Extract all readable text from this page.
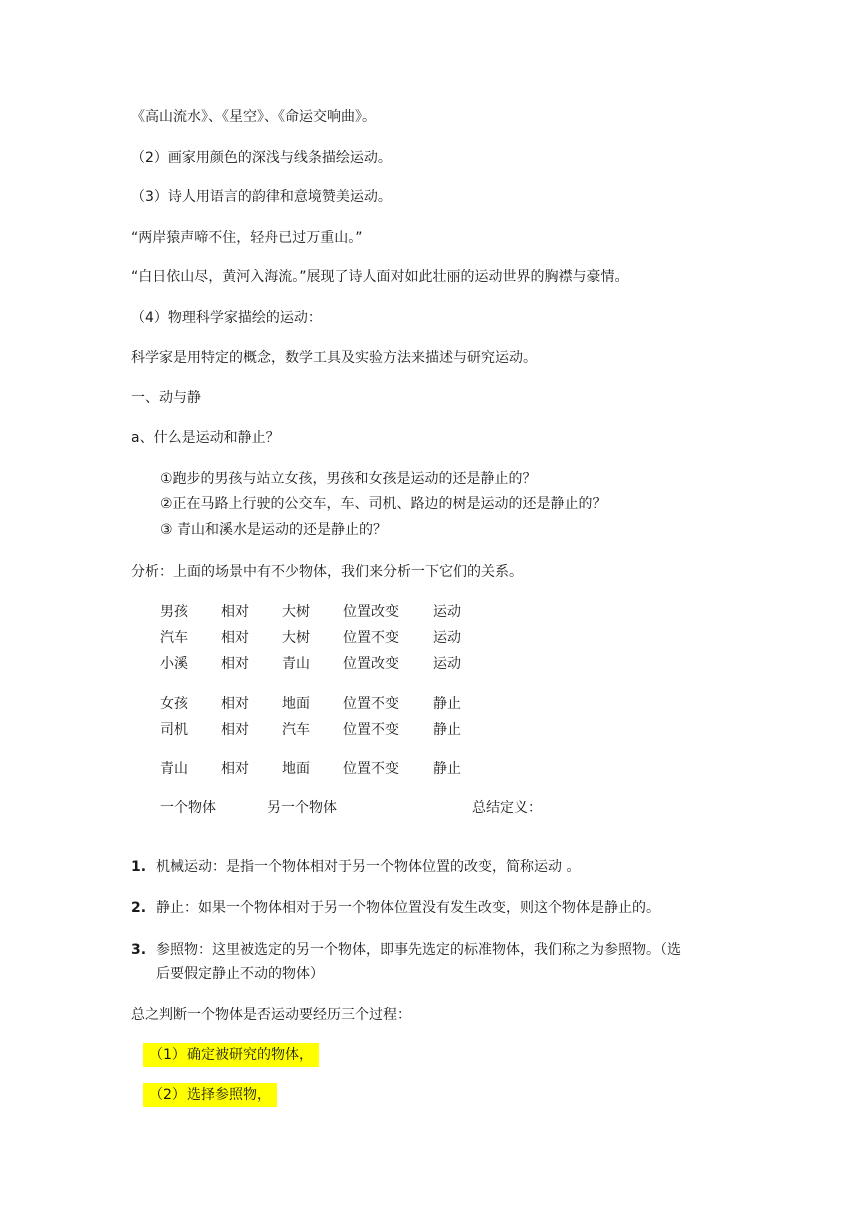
《高山流水》、《星空》、《命运交响曲》。
（2）画家用颜色的深浅与线条描绘运动。
（3）诗人用语言的韵律和意境赞美运动。
“两岸猿声啼不住，轻舟已过万重山。”
“白日依山尽，黄河入海流。”展现了诗人面对如此壮丽的运动世界的胸襟与豪情。
（4）物理科学家描绘的运动：
科学家是用特定的概念，数学工具及实验方法来描述与研究运动。
一、动与静
a、什么是运动和静止？
①跑步的男孩与站立女孩，男孩和女孩是运动的还是静止的？
②正在马路上行驶的公交车，车、司机、路边的树是运动的还是静止的？
③ 青山和溪水是运动的还是静止的？
分析：上面的场景中有不少物体，我们来分析一下它们的关系。
男孩 相对 大树 位置改变 运动
汽车 相对 大树 位置不变 运动
小溪 相对 青山 位置改变 运动
女孩 相对 地面 位置不变 静止
司机 相对 汽车 位置不变 静止
青山 相对 地面 位置不变 静止
一个物体	另一个物体	总结定义：
1. 机械运动：是指一个物体相对于另一个物体位置的改变，简称运动 。
2. 静止：如果一个物体相对于另一个物体位置没有发生改变，则这个物体是静止的。
3. 参照物：这里被选定的另一个物体，即事先选定的标准物体，我们称之为参照物。（选
后要假定静止不动的物体）
总之判断一个物体是否运动要经历三个过程：
（1）确定被研究的物体，
（2）选择参照物，
